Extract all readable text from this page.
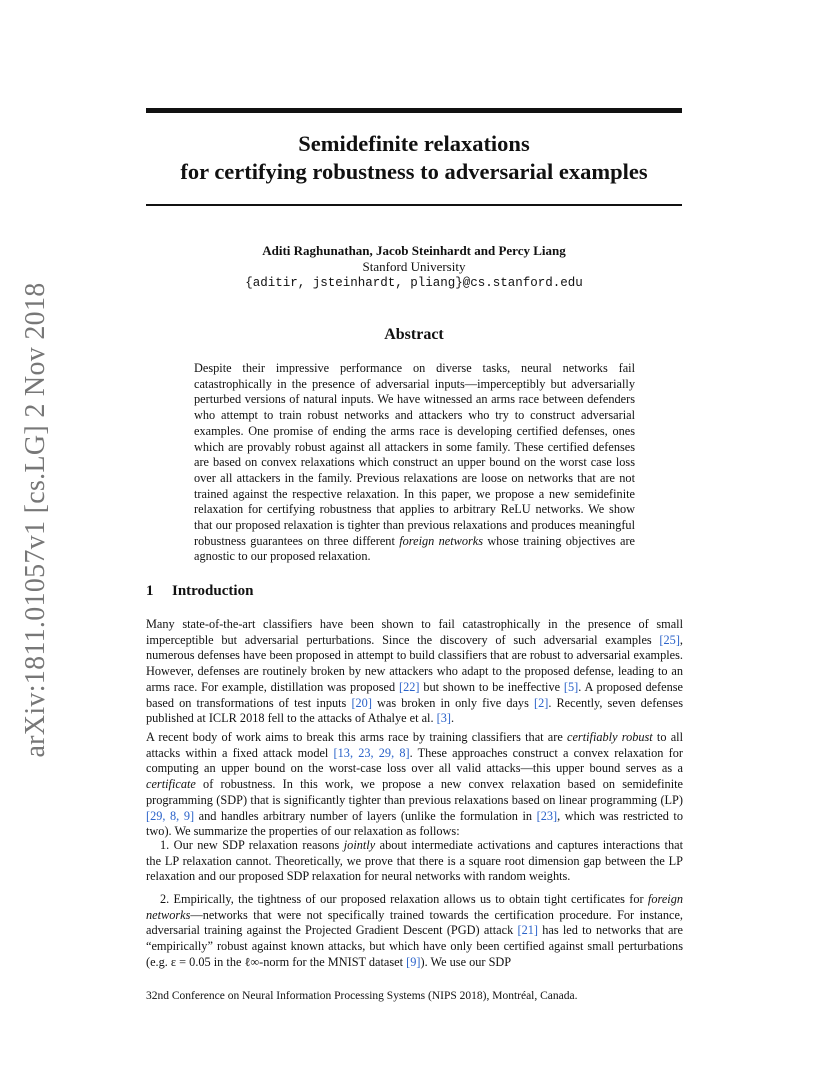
arXiv:1811.01057v1 [cs.LG] 2 Nov 2018
Semidefinite relaxations
for certifying robustness to adversarial examples
Aditi Raghunathan, Jacob Steinhardt and Percy Liang
Stanford University
{aditir, jsteinhardt, pliang}@cs.stanford.edu
Abstract
Despite their impressive performance on diverse tasks, neural networks fail catastrophically in the presence of adversarial inputs—imperceptibly but adversarially perturbed versions of natural inputs. We have witnessed an arms race between defenders who attempt to train robust networks and attackers who try to construct adversarial examples. One promise of ending the arms race is developing certified defenses, ones which are provably robust against all attackers in some family. These certified defenses are based on convex relaxations which construct an upper bound on the worst case loss over all attackers in the family. Previous relaxations are loose on networks that are not trained against the respective relaxation. In this paper, we propose a new semidefinite relaxation for certifying robustness that applies to arbitrary ReLU networks. We show that our proposed relaxation is tighter than previous relaxations and produces meaningful robustness guarantees on three different foreign networks whose training objectives are agnostic to our proposed relaxation.
1 Introduction

Many state-of-the-art classifiers have been shown to fail catastrophically in the presence of small imperceptible but adversarial perturbations. Since the discovery of such adversarial examples [25], numerous defenses have been proposed in attempt to build classifiers that are robust to adversarial examples. However, defenses are routinely broken by new attackers who adapt to the proposed defense, leading to an arms race. For example, distillation was proposed [22] but shown to be ineffective [5]. A proposed defense based on transformations of test inputs [20] was broken in only five days [2]. Recently, seven defenses published at ICLR 2018 fell to the attacks of Athalye et al. [3].

A recent body of work aims to break this arms race by training classifiers that are certifiably robust to all attacks within a fixed attack model [13, 23, 29, 8]. These approaches construct a convex relaxation for computing an upper bound on the worst-case loss over all valid attacks—this upper bound serves as a certificate of robustness. In this work, we propose a new convex relaxation based on semidefinite programming (SDP) that is significantly tighter than previous relaxations based on linear programming (LP) [29, 8, 9] and handles arbitrary number of layers (unlike the formulation in [23], which was restricted to two). We summarize the properties of our relaxation as follows:

1. Our new SDP relaxation reasons jointly about intermediate activations and captures interactions that the LP relaxation cannot. Theoretically, we prove that there is a square root dimension gap between the LP relaxation and our proposed SDP relaxation for neural networks with random weights.

2. Empirically, the tightness of our proposed relaxation allows us to obtain tight certificates for foreign networks—networks that were not specifically trained towards the certification procedure. For instance, adversarial training against the Projected Gradient Descent (PGD) attack [21] has led to networks that are “empirically” robust against known attacks, but which have only been certified against small perturbations (e.g. ε = 0.05 in the ℓ∞-norm for the MNIST dataset [9]). We use our SDP

32nd Conference on Neural Information Processing Systems (NIPS 2018), Montréal, Canada.
